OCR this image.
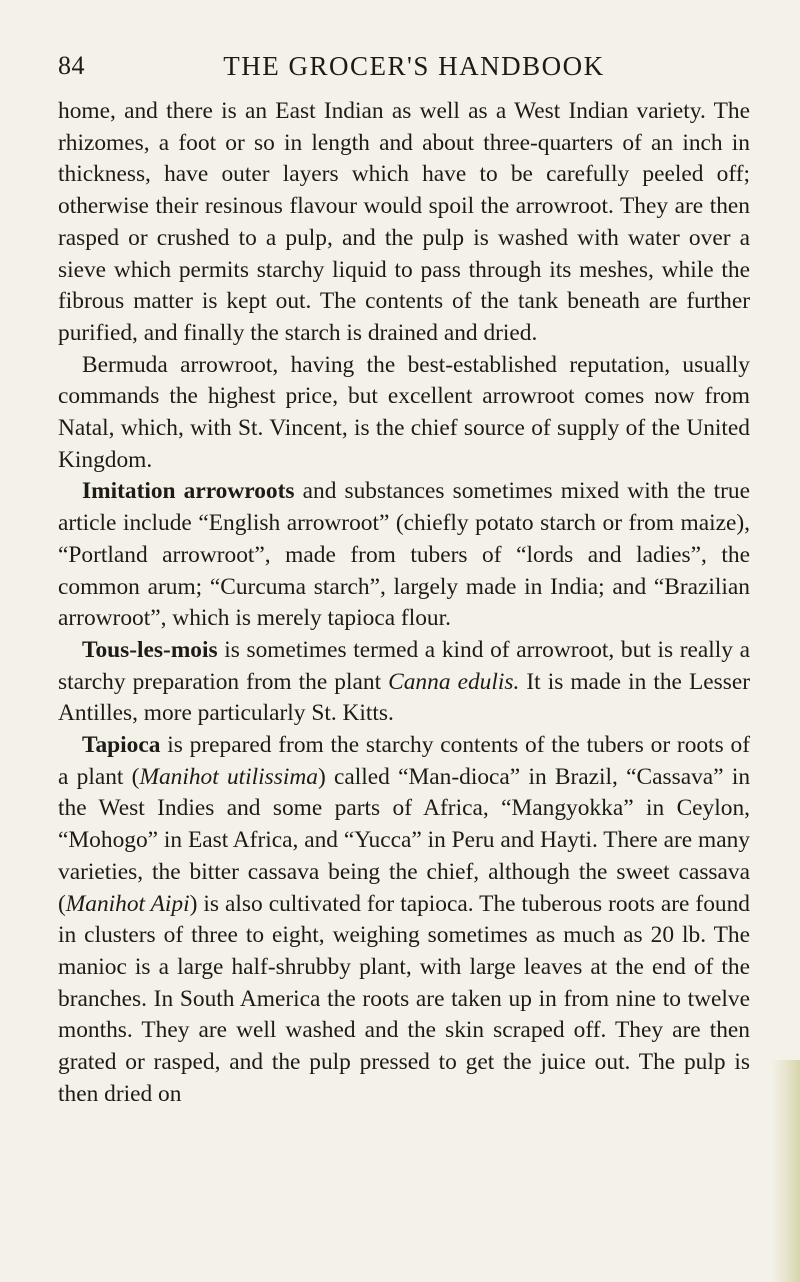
84	THE GROCER'S HANDBOOK

home, and there is an East Indian as well as a West Indian variety. The rhizomes, a foot or so in length and about three-quarters of an inch in thickness, have outer layers which have to be carefully peeled off; otherwise their resinous flavour would spoil the arrowroot. They are then rasped or crushed to a pulp, and the pulp is washed with water over a sieve which permits starchy liquid to pass through its meshes, while the fibrous matter is kept out. The contents of the tank beneath are further purified, and finally the starch is drained and dried.

Bermuda arrowroot, having the best-established reputation, usually commands the highest price, but excellent arrowroot comes now from Natal, which, with St. Vincent, is the chief source of supply of the United Kingdom.

Imitation arrowroots and substances sometimes mixed with the true article include “English arrowroot” (chiefly potato starch or from maize), “Portland arrowroot”, made from tubers of “lords and ladies”, the common arum; “Curcuma starch”, largely made in India; and “Brazilian arrowroot”, which is merely tapioca flour.

Tous-les-mois is sometimes termed a kind of arrowroot, but is really a starchy preparation from the plant Canna edulis. It is made in the Lesser Antilles, more particularly St. Kitts.

Tapioca is prepared from the starchy contents of the tubers or roots of a plant (Manihot utilissima) called “Man-dioca” in Brazil, “Cassava” in the West Indies and some parts of Africa, “Mangyokka” in Ceylon, “Mohogo” in East Africa, and “Yucca” in Peru and Hayti. There are many varieties, the bitter cassava being the chief, although the sweet cassava (Manihot Aipi) is also cultivated for tapioca. The tuberous roots are found in clusters of three to eight, weighing sometimes as much as 20 lb. The manioc is a large half-shrubby plant, with large leaves at the end of the branches. In South America the roots are taken up in from nine to twelve months. They are well washed and the skin scraped off. They are then grated or rasped, and the pulp pressed to get the juice out. The pulp is then dried on
